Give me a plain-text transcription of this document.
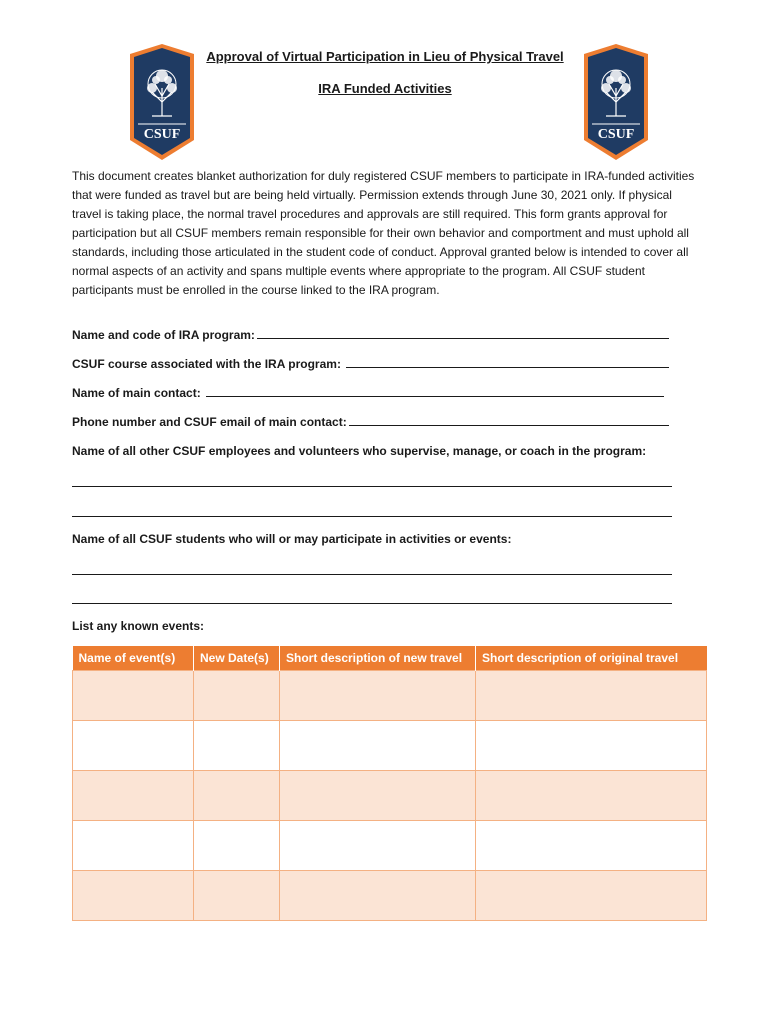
CSUF	CSUF
Approval of Virtual Participation in Lieu of Physical Travel
IRA Funded Activities
This document creates blanket authorization for duly registered CSUF members to participate in IRA-funded activities that were funded as travel but are being held virtually. Permission extends through June 30, 2021 only. If physical travel is taking place, the normal travel procedures and approvals are still required. This form grants approval for participation but all CSUF members remain responsible for their own behavior and comportment and must uphold all standards, including those articulated in the student code of conduct. Approval granted below is intended to cover all normal aspects of an activity and spans multiple events where appropriate to the program. All CSUF student participants must be enrolled in the course linked to the IRA program.
Name and code of IRA program:
CSUF course associated with the IRA program:
Name of main contact:
Phone number and CSUF email of main contact:
Name of all other CSUF employees and volunteers who supervise, manage, or coach in the program:
Name of all CSUF students who will or may participate in activities or events:
List any known events:
Name of event(s)	New Date(s)	Short description of new travel	Short description of original travel
